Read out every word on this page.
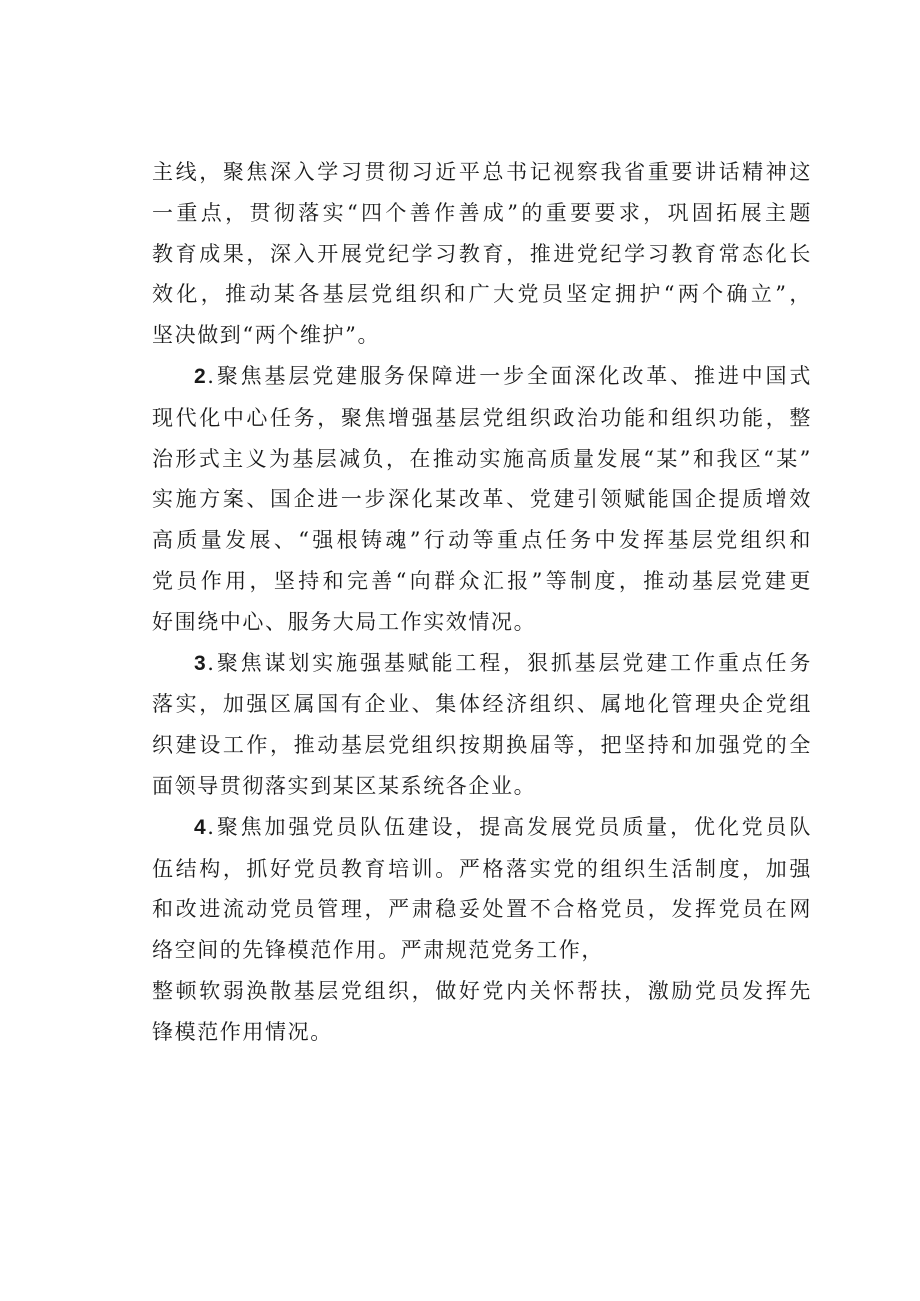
主线，聚焦深入学习贯彻习近平总书记视察我省重要讲话精神这
一重点，贯彻落实“四个善作善成”的重要要求，巩固拓展主题
教育成果，深入开展党纪学习教育，推进党纪学习教育常态化长
效化，推动某各基层党组织和广大党员坚定拥护“两个确立”，
坚决做到“两个维护”。
2.聚焦基层党建服务保障进一步全面深化改革、推进中国式
现代化中心任务，聚焦增强基层党组织政治功能和组织功能，整
治形式主义为基层减负，在推动实施高质量发展“某”和我区“某”
实施方案、国企进一步深化某改革、党建引领赋能国企提质增效
高质量发展、“强根铸魂”行动等重点任务中发挥基层党组织和
党员作用，坚持和完善“向群众汇报”等制度，推动基层党建更
好围绕中心、服务大局工作实效情况。
3.聚焦谋划实施强基赋能工程，狠抓基层党建工作重点任务
落实，加强区属国有企业、集体经济组织、属地化管理央企党组
织建设工作，推动基层党组织按期换届等，把坚持和加强党的全
面领导贯彻落实到某区某系统各企业。
4.聚焦加强党员队伍建设，提高发展党员质量，优化党员队
伍结构，抓好党员教育培训。严格落实党的组织生活制度，加强
和改进流动党员管理，严肃稳妥处置不合格党员，发挥党员在网
络空间的先锋模范作用。严肃规范党务工作，
整顿软弱涣散基层党组织，做好党内关怀帮扶，激励党员发挥先
锋模范作用情况。
